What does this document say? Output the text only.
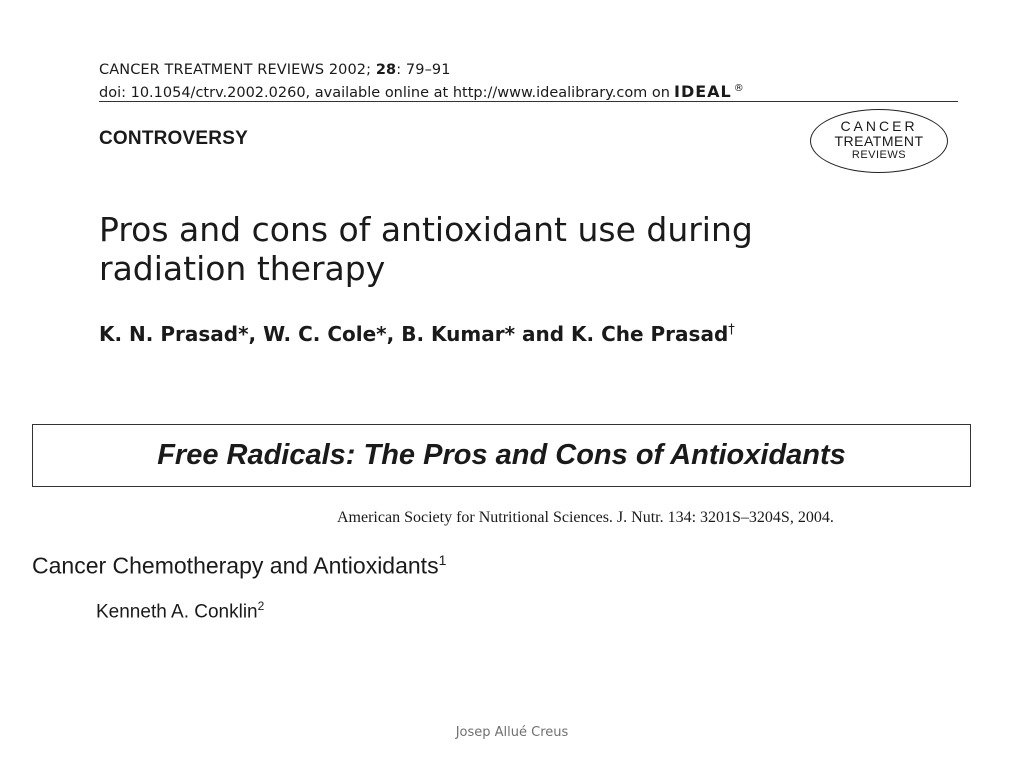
CANCER TREATMENT REVIEWS 2002; 28: 79–91
doi: 10.1054/ctrv.2002.0260, available online at http://www.idealibrary.com on IDEAL ®
CONTROVERSY
CANCER
TREATMENT
REVIEWS
Pros and cons of antioxidant use during
radiation therapy
K. N. Prasad*, W. C. Cole*, B. Kumar* and K. Che Prasad†
Free Radicals: The Pros and Cons of Antioxidants
American Society for Nutritional Sciences. J. Nutr. 134: 3201S–3204S, 2004.
Cancer Chemotherapy and Antioxidants$^1$
Kenneth A. Conklin$^2$
Josep Allué Creus
